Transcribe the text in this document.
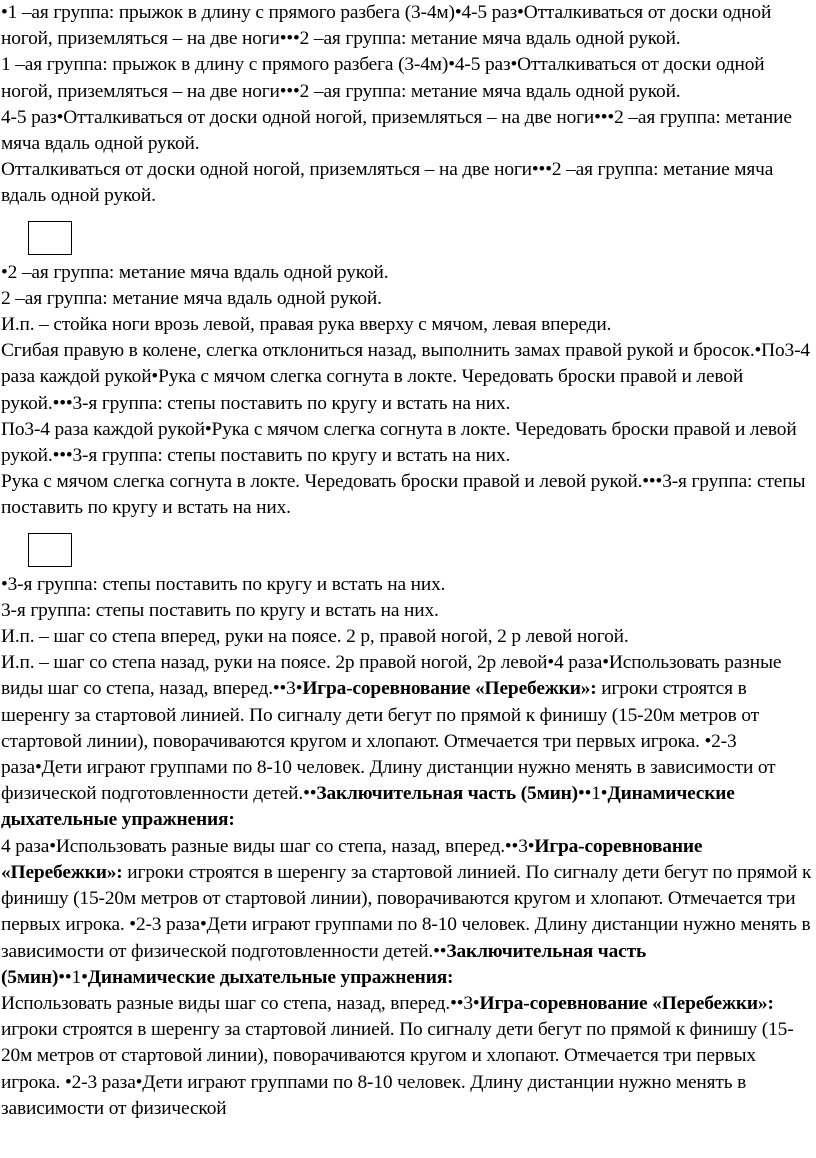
•1 –ая группа: прыжок в длину с прямого разбега (3-4м)•4-5 раз•Отталкиваться от доски одной ногой, приземляться – на две ноги•••2 –ая группа: метание мяча вдаль одной рукой.

1 –ая группа: прыжок в длину с прямого разбега (3-4м)•4-5 раз•Отталкиваться от доски одной ногой, приземляться – на две ноги•••2 –ая группа: метание мяча вдаль одной рукой.

4-5 раз•Отталкиваться от доски одной ногой, приземляться – на две ноги•••2 –ая группа: метание мяча вдаль одной рукой.

Отталкиваться от доски одной ногой, приземляться – на две ноги•••2 –ая группа: метание мяча вдаль одной рукой.

•2 –ая группа: метание мяча вдаль одной рукой.

2 –ая группа: метание мяча вдаль одной рукой.

И.п. – стойка ноги врозь левой, правая рука вверху с мячом, левая впереди.

Сгибая правую в колене, слегка отклониться назад, выполнить замах правой рукой и бросок.•По3-4 раза каждой рукой•Рука с мячом слегка согнута в локте. Чередовать броски правой и левой рукой.•••3-я группа: степы поставить по кругу и встать на них.

По3-4 раза каждой рукой•Рука с мячом слегка согнута в локте. Чередовать броски правой и левой рукой.•••3-я группа: степы поставить по кругу и встать на них.

Рука с мячом слегка согнута в локте. Чередовать броски правой и левой рукой.•••3-я группа: степы поставить по кругу и встать на них.

•3-я группа: степы поставить по кругу и встать на них.

3-я группа: степы поставить по кругу и встать на них.

И.п. – шаг со степа вперед, руки на поясе. 2 р, правой ногой, 2 р левой ногой.

И.п. – шаг со степа назад, руки на поясе. 2р правой ногой, 2р левой•4 раза•Использовать разные виды шаг со степа, назад, вперед.••3•Игра-соревнование «Перебежки»: игроки строятся в шеренгу за стартовой линией. По сигналу дети бегут по прямой к финишу (15-20м метров от стартовой линии), поворачиваются кругом и хлопают. Отмечается три первых игрока. •2-3 раза•Дети играют группами по 8-10 человек. Длину дистанции нужно менять в зависимости от физической подготовленности детей.••Заключительная часть (5мин)••1•Динамические дыхательные упражнения:

4 раза•Использовать разные виды шаг со степа, назад, вперед.••3•Игра-соревнование «Перебежки»: игроки строятся в шеренгу за стартовой линией. По сигналу дети бегут по прямой к финишу (15-20м метров от стартовой линии), поворачиваются кругом и хлопают. Отмечается три первых игрока. •2-3 раза•Дети играют группами по 8-10 человек. Длину дистанции нужно менять в зависимости от физической подготовленности детей.••Заключительная часть (5мин)••1•Динамические дыхательные упражнения:

Использовать разные виды шаг со степа, назад, вперед.••3•Игра-соревнование «Перебежки»: игроки строятся в шеренгу за стартовой линией. По сигналу дети бегут по прямой к финишу (15-20м метров от стартовой линии), поворачиваются кругом и хлопают. Отмечается три первых игрока. •2-3 раза•Дети играют группами по 8-10 человек. Длину дистанции нужно менять в зависимости от физической
